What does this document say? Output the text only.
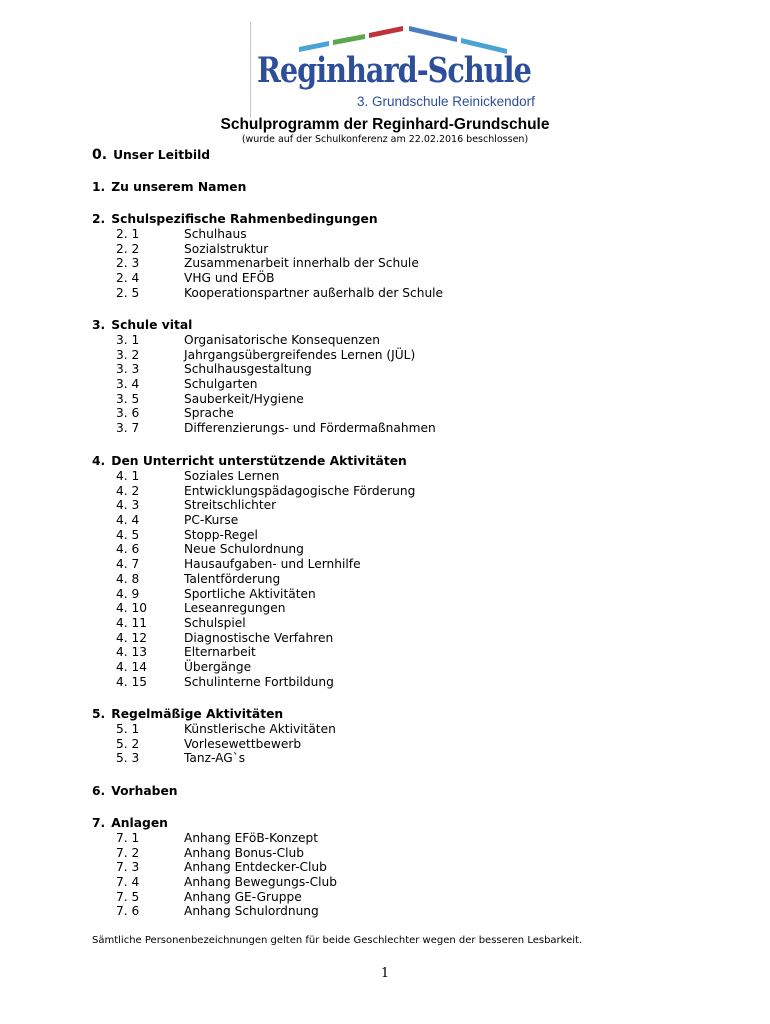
Reginhard-Schule
3. Grundschule Reinickendorf
Schulprogramm der Reginhard-Grundschule
(wurde auf der Schulkonferenz am 22.02.2016 beschlossen)
0. Unser Leitbild
1. Zu unserem Namen
2. Schulspezifische Rahmenbedingungen
2. 1	Schulhaus
2. 2	Sozialstruktur
2. 3	Zusammenarbeit innerhalb der Schule
2. 4	VHG und EFÖB
2. 5	Kooperationspartner außerhalb der Schule
3. Schule vital
3. 1	Organisatorische Konsequenzen
3. 2	Jahrgangsübergreifendes Lernen (JÜL)
3. 3	Schulhausgestaltung
3. 4	Schulgarten
3. 5	Sauberkeit/Hygiene
3. 6	Sprache
3. 7	Differenzierungs- und Fördermaßnahmen
4. Den Unterricht unterstützende Aktivitäten
4. 1	Soziales Lernen
4. 2	Entwicklungspädagogische Förderung
4. 3	Streitschlichter
4. 4	PC-Kurse
4. 5	Stopp-Regel
4. 6	Neue Schulordnung
4. 7	Hausaufgaben- und Lernhilfe
4. 8	Talentförderung
4. 9	Sportliche Aktivitäten
4. 10	Leseanregungen
4. 11	Schulspiel
4. 12	Diagnostische Verfahren
4. 13	Elternarbeit
4. 14	Übergänge
4. 15	Schulinterne Fortbildung
5. Regelmäßige Aktivitäten
5. 1	Künstlerische Aktivitäten
5. 2	Vorlesewettbewerb
5. 3	Tanz-AG`s
6. Vorhaben
7. Anlagen
7. 1	Anhang EFöB-Konzept
7. 2	Anhang Bonus-Club
7. 3	Anhang Entdecker-Club
7. 4	Anhang Bewegungs-Club
7. 5	Anhang GE-Gruppe
7. 6	Anhang Schulordnung
Sämtliche Personenbezeichnungen gelten für beide Geschlechter wegen der besseren Lesbarkeit.
1
